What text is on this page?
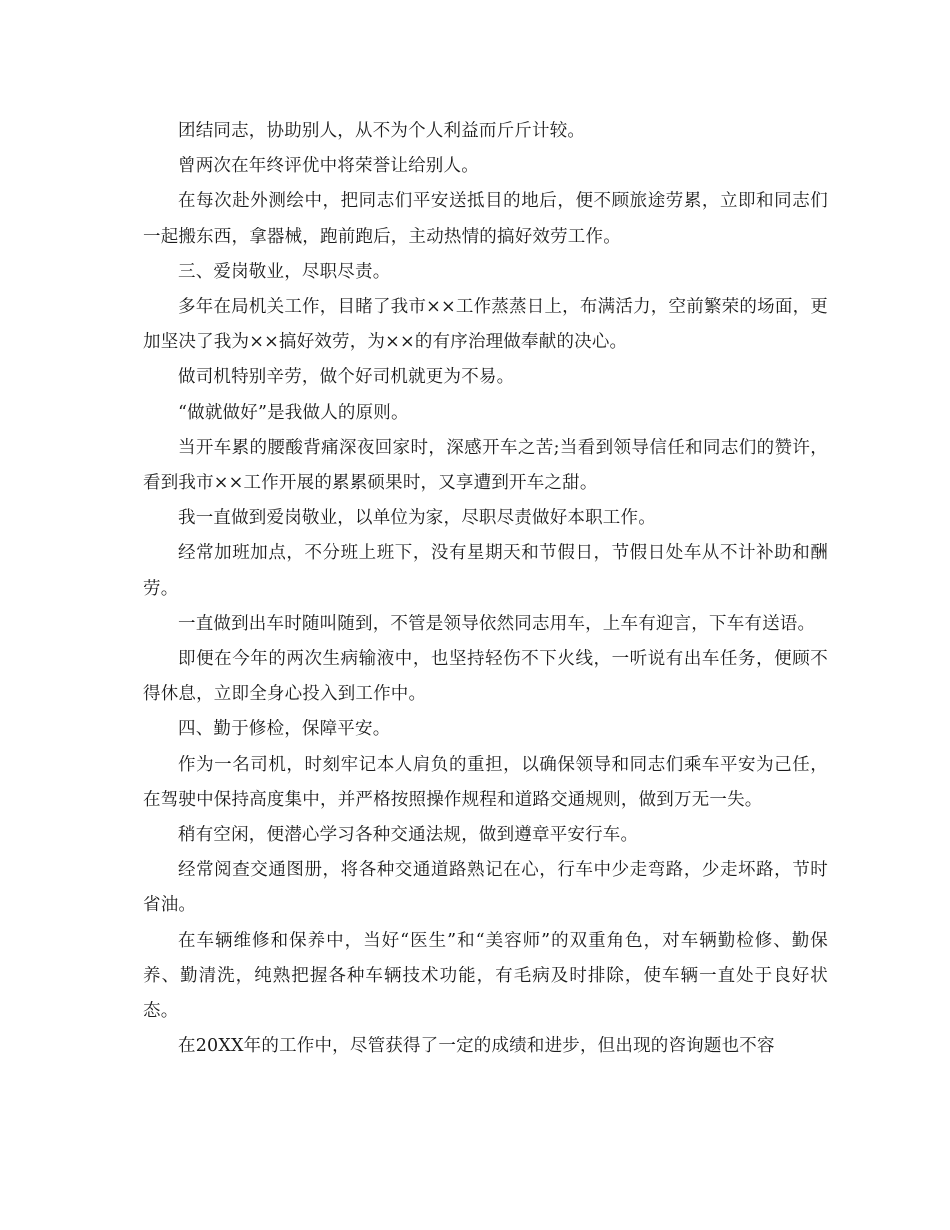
团结同志，协助别人，从不为个人利益而斤斤计较。

曾两次在年终评优中将荣誉让给别人。

在每次赴外测绘中，把同志们平安送抵目的地后，便不顾旅途劳累，立即和同志们一起搬东西，拿器械，跑前跑后，主动热情的搞好效劳工作。

三、爱岗敬业，尽职尽责。

多年在局机关工作，目睹了我市××工作蒸蒸日上，布满活力，空前繁荣的场面，更加坚决了我为××搞好效劳，为××的有序治理做奉献的决心。

做司机特别辛劳，做个好司机就更为不易。

“做就做好”是我做人的原则。

当开车累的腰酸背痛深夜回家时，深感开车之苦;当看到领导信任和同志们的赞许，看到我市××工作开展的累累硕果时，又享遭到开车之甜。

我一直做到爱岗敬业，以单位为家，尽职尽责做好本职工作。

经常加班加点，不分班上班下，没有星期天和节假日，节假日处车从不计补助和酬劳。

一直做到出车时随叫随到，不管是领导依然同志用车，上车有迎言，下车有送语。

即便在今年的两次生病输液中，也坚持轻伤不下火线，一听说有出车任务，便顾不得休息，立即全身心投入到工作中。

四、勤于修检，保障平安。

作为一名司机，时刻牢记本人肩负的重担，以确保领导和同志们乘车平安为己任，在驾驶中保持高度集中，并严格按照操作规程和道路交通规则，做到万无一失。

稍有空闲，便潜心学习各种交通法规，做到遵章平安行车。

经常阅查交通图册，将各种交通道路熟记在心，行车中少走弯路，少走坏路，节时省油。

在车辆维修和保养中，当好“医生”和“美容师”的双重角色，对车辆勤检修、勤保养、勤清洗，纯熟把握各种车辆技术功能，有毛病及时排除，使车辆一直处于良好状态。

在20XX年的工作中，尽管获得了一定的成绩和进步，但出现的咨询题也不容
